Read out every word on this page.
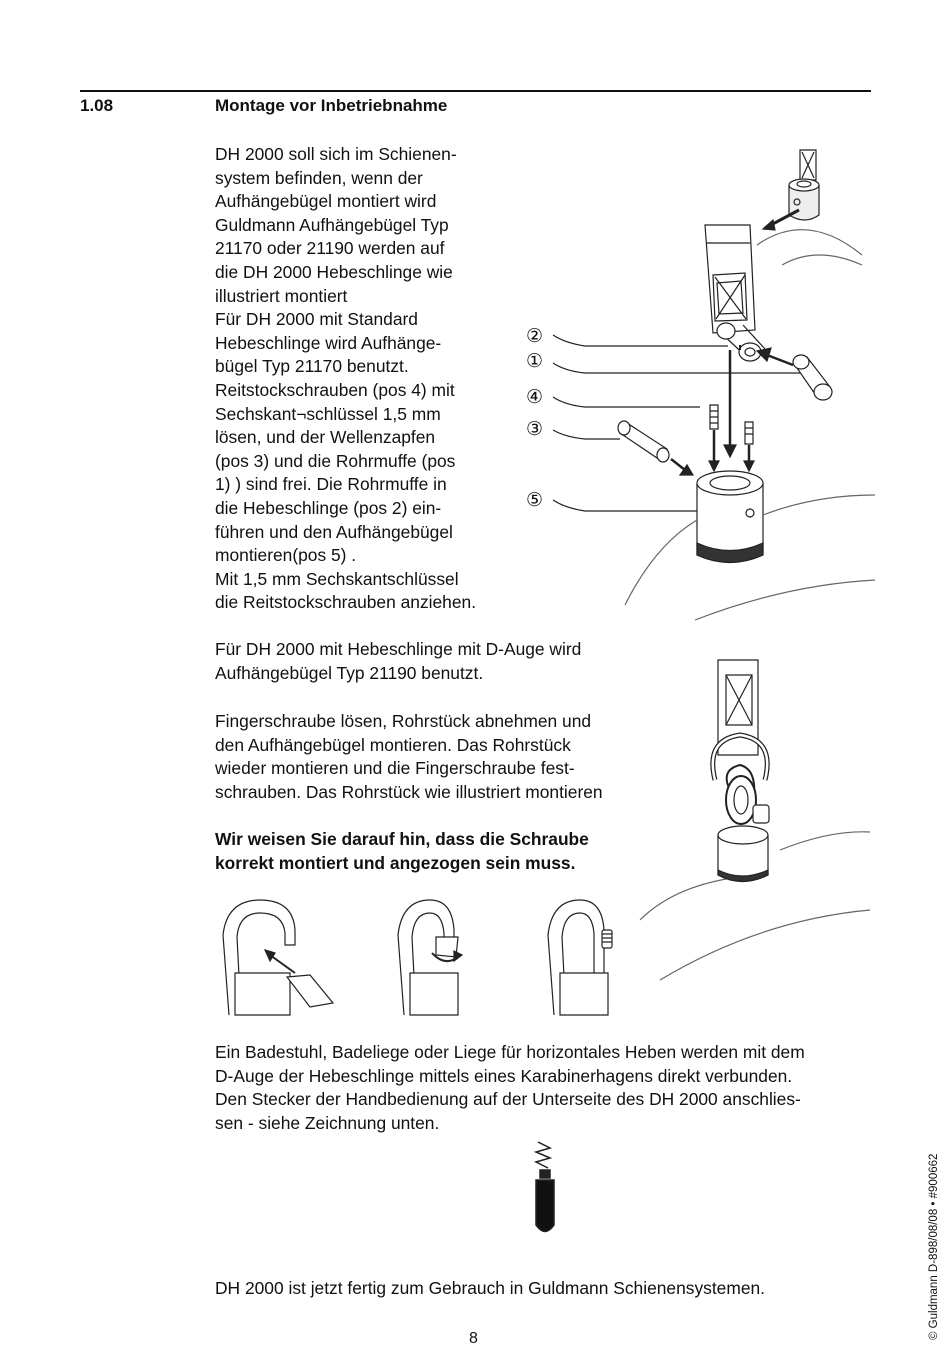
1.08	Montage vor Inbetriebnahme

DH 2000 soll sich im Schienen-
system befinden, wenn der
Aufhängebügel montiert wird
Guldmann Aufhängebügel Typ
21170 oder 21190 werden auf
die DH 2000 Hebeschlinge wie
illustriert montiert
Für DH 2000 mit Standard
Hebeschlinge wird Aufhänge-
bügel Typ 21170 benutzt.
Reitstockschrauben (pos 4) mit
Sechskant¬schlüssel 1,5 mm
lösen, und der Wellenzapfen
(pos 3) und die Rohrmuffe (pos
1) ) sind frei. Die Rohrmuffe in
die Hebeschlinge (pos 2) ein-
führen und den Aufhängebügel
montieren(pos 5) .
Mit 1,5 mm Sechskantschlüssel
die Reitstockschrauben anziehen.

Für DH 2000 mit Hebeschlinge mit D-Auge wird
Aufhängebügel Typ 21190 benutzt.

Fingerschraube lösen, Rohrstück abnehmen und
den Aufhängebügel montieren. Das Rohrstück
wieder montieren und die Fingerschraube fest-
schrauben. Das Rohrstück wie illustriert montieren

Wir weisen Sie darauf hin, dass die Schraube
korrekt montiert und angezogen sein muss.

Ein Badestuhl, Badeliege oder Liege für horizontales Heben werden mit dem
D-Auge der Hebeschlinge mittels eines Karabinerhagens direkt verbunden.
Den Stecker der Handbedienung auf der Unterseite des DH 2000 anschlies-
sen - siehe Zeichnung unten.

DH 2000 ist jetzt fertig zum Gebrauch in Guldmann Schienensystemen.

②
①
④
③
⑤
© Guldmann D-898/08/08 • #900662
8
